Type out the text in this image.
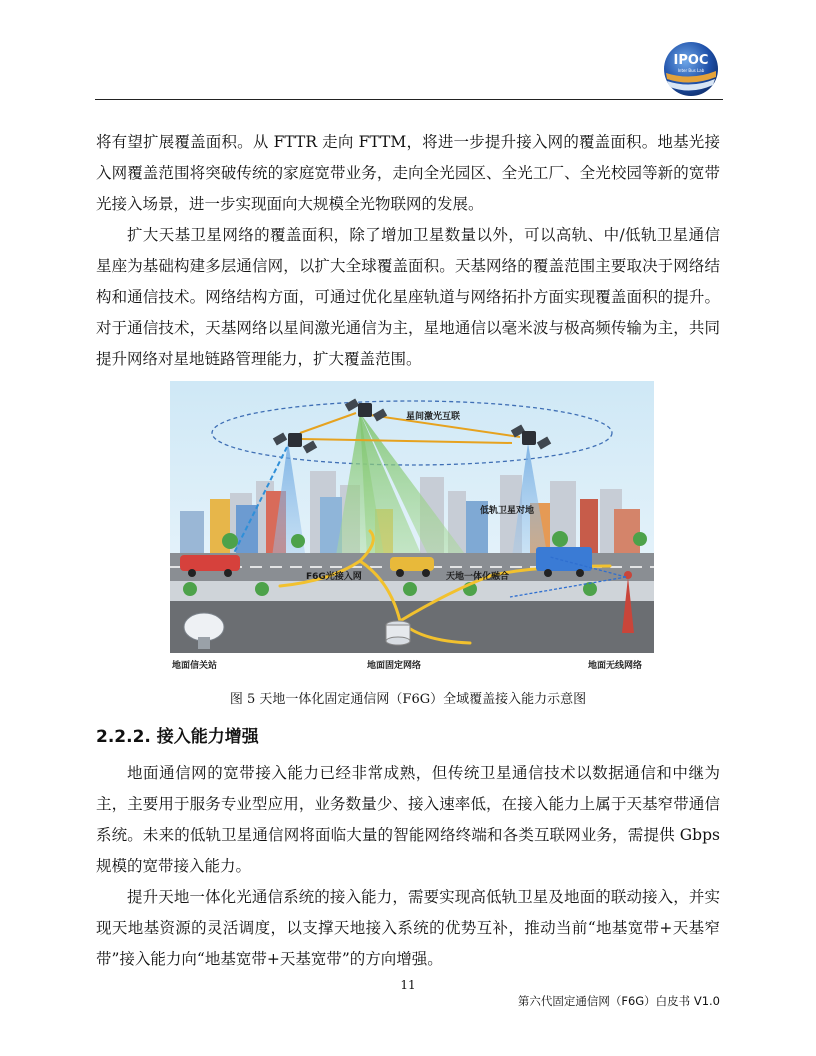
IPOC
Inter Bus Lab

将有望扩展覆盖面积。从 FTTR 走向 FTTM，将进一步提升接入网的覆盖面积。地基光接入网覆盖范围将突破传统的家庭宽带业务，走向全光园区、全光工厂、全光校园等新的宽带光接入场景，进一步实现面向大规模全光物联网的发展。

扩大天基卫星网络的覆盖面积，除了增加卫星数量以外，可以高轨、中/低轨卫星通信星座为基础构建多层通信网，以扩大全球覆盖面积。天基网络的覆盖范围主要取决于网络结构和通信技术。网络结构方面，可通过优化星座轨道与网络拓扑方面实现覆盖面积的提升。对于通信技术，天基网络以星间激光通信为主，星地通信以毫米波与极高频传输为主，共同提升网络对星地链路管理能力，扩大覆盖范围。

星间激光互联
低轨卫星对地
F6G光接入网	天地一体化融合
地面信关站	地面固定网络	地面无线网络
图 5 天地一体化固定通信网（F6G）全域覆盖接入能力示意图
2.2.2. 接入能力增强

地面通信网的宽带接入能力已经非常成熟，但传统卫星通信技术以数据通信和中继为主，主要用于服务专业型应用，业务数量少、接入速率低，在接入能力上属于天基窄带通信系统。未来的低轨卫星通信网将面临大量的智能网络终端和各类互联网业务，需提供 Gbps 规模的宽带接入能力。

提升天地一体化光通信系统的接入能力，需要实现高低轨卫星及地面的联动接入，并实现天地基资源的灵活调度，以支撑天地接入系统的优势互补，推动当前“地基宽带+天基窄带”接入能力向“地基宽带+天基宽带”的方向增强。

11
第六代固定通信网（F6G）白皮书 V1.0
